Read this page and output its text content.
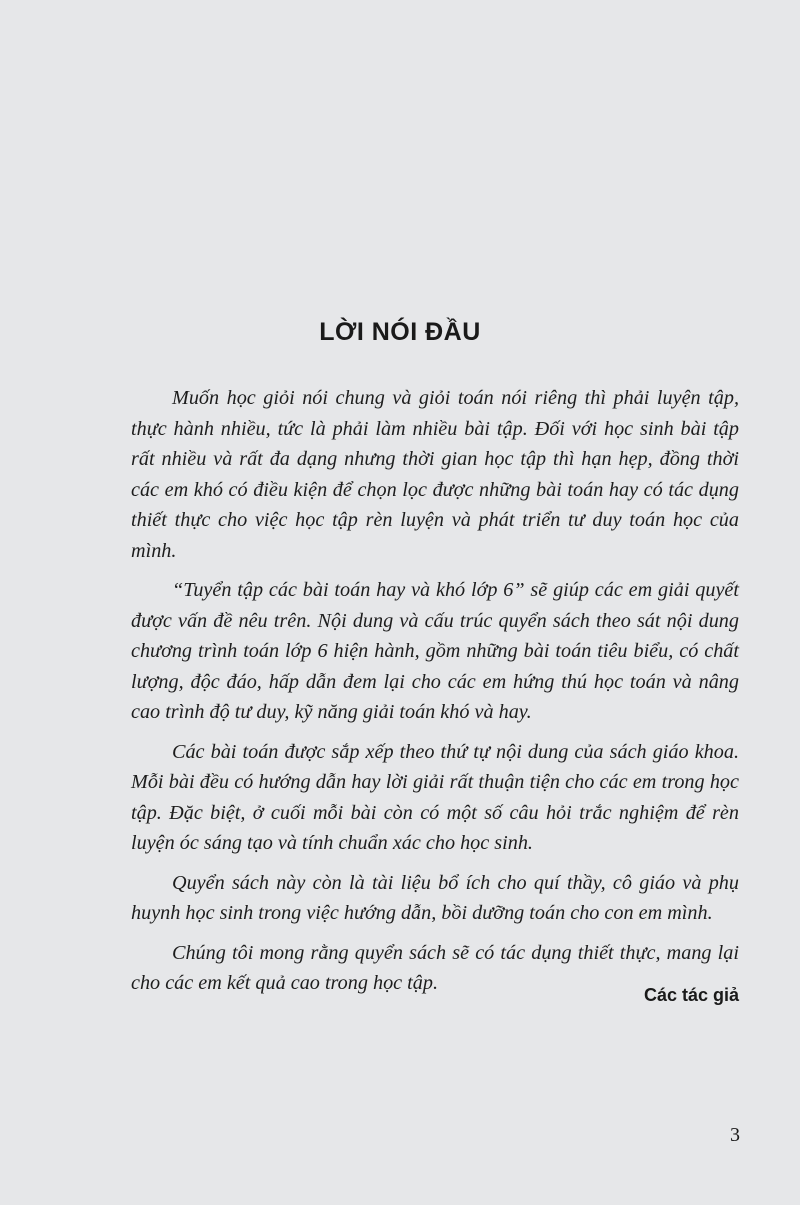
LỜI NÓI ĐẦU

Muốn học giỏi nói chung và giỏi toán nói riêng thì phải luyện tập, thực hành nhiều, tức là phải làm nhiều bài tập. Đối với học sinh bài tập rất nhiều và rất đa dạng nhưng thời gian học tập thì hạn hẹp, đồng thời các em khó có điều kiện để chọn lọc được những bài toán hay có tác dụng thiết thực cho việc học tập rèn luyện và phát triển tư duy toán học của mình.

“Tuyển tập các bài toán hay và khó lớp 6” sẽ giúp các em giải quyết được vấn đề nêu trên. Nội dung và cấu trúc quyển sách theo sát nội dung chương trình toán lớp 6 hiện hành, gồm những bài toán tiêu biểu, có chất lượng, độc đáo, hấp dẫn đem lại cho các em hứng thú học toán và nâng cao trình độ tư duy, kỹ năng giải toán khó và hay.

Các bài toán được sắp xếp theo thứ tự nội dung của sách giáo khoa. Mỗi bài đều có hướng dẫn hay lời giải rất thuận tiện cho các em trong học tập. Đặc biệt, ở cuối mỗi bài còn có một số câu hỏi trắc nghiệm để rèn luyện óc sáng tạo và tính chuẩn xác cho học sinh.

Quyển sách này còn là tài liệu bổ ích cho quí thầy, cô giáo và phụ huynh học sinh trong việc hướng dẫn, bồi dưỡng toán cho con em mình.

Chúng tôi mong rằng quyển sách sẽ có tác dụng thiết thực, mang lại cho các em kết quả cao trong học tập.

Các tác giả
3
